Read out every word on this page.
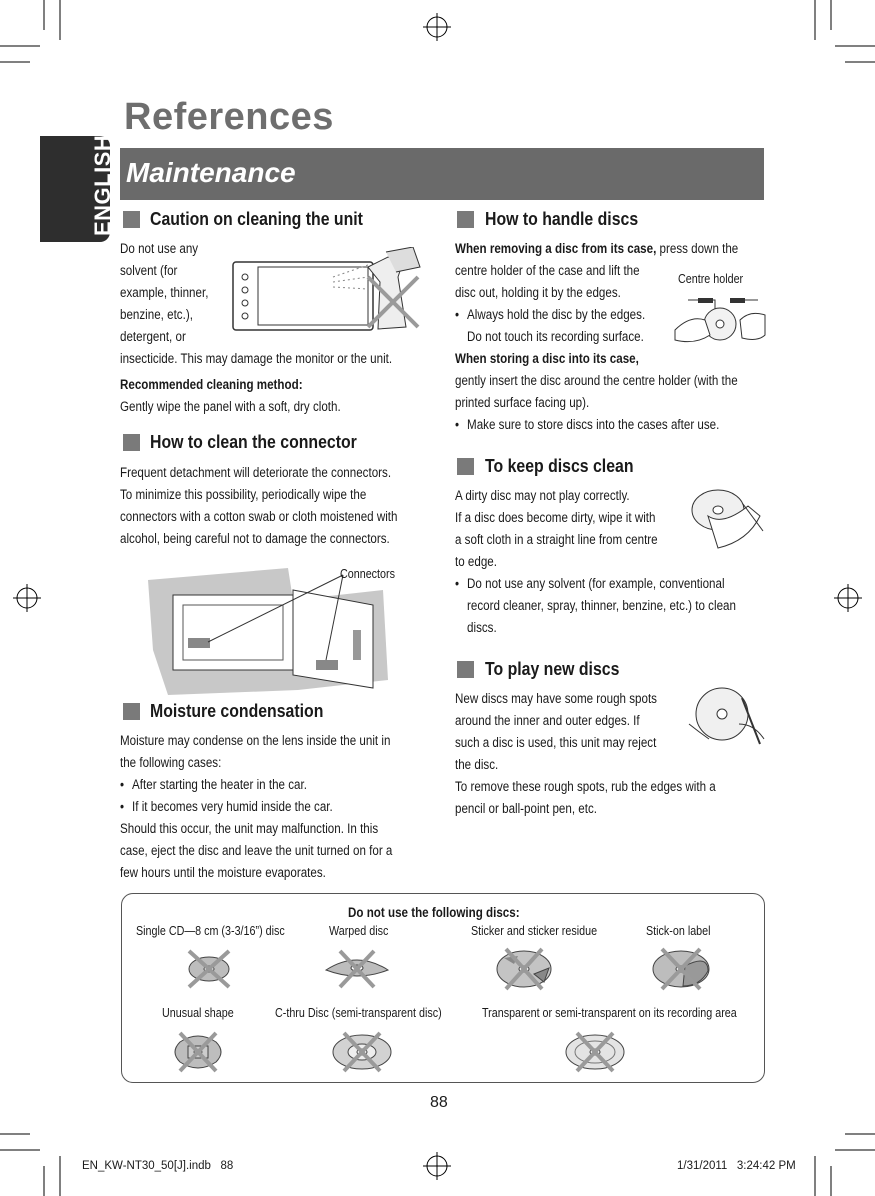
ENGLISH
References
Maintenance
Caution on cleaning the unit
Do not use any
solvent (for
example, thinner,
benzine, etc.),
detergent, or
insecticide. This may damage the monitor or the unit.
Recommended cleaning method:
Gently wipe the panel with a soft, dry cloth.
How to clean the connector
Frequent detachment will deteriorate the connectors.
To minimize this possibility, periodically wipe the
connectors with a cotton swab or cloth moistened with
alcohol, being careful not to damage the connectors.
Connectors
Moisture condensation
Moisture may condense on the lens inside the unit in
the following cases:
• After starting the heater in the car.
• If it becomes very humid inside the car.
Should this occur, the unit may malfunction. In this
case, eject the disc and leave the unit turned on for a
few hours until the moisture evaporates.
How to handle discs
When removing a disc from its case, press down the
centre holder of the case and lift the
disc out, holding it by the edges.
• Always hold the disc by the edges.
Do not touch its recording surface.
When storing a disc into its case,
gently insert the disc around the centre holder (with the
printed surface facing up).
• Make sure to store discs into the cases after use.
Centre holder
To keep discs clean
A dirty disc may not play correctly.
If a disc does become dirty, wipe it with
a soft cloth in a straight line from centre
to edge.
• Do not use any solvent (for example, conventional
record cleaner, spray, thinner, benzine, etc.) to clean
discs.
To play new discs
New discs may have some rough spots
around the inner and outer edges. If
such a disc is used, this unit may reject
the disc.
To remove these rough spots, rub the edges with a
pencil or ball-point pen, etc.
Do not use the following discs:
Single CD—8 cm (3-3/16”) disc	Warped disc	Sticker and sticker residue	Stick-on label
Unusual shape	C-thru Disc (semi-transparent disc)	Transparent or semi-transparent on its recording area
88
EN_KW-NT30_50[J].indb   88	1/31/2011   3:24:42 PM
